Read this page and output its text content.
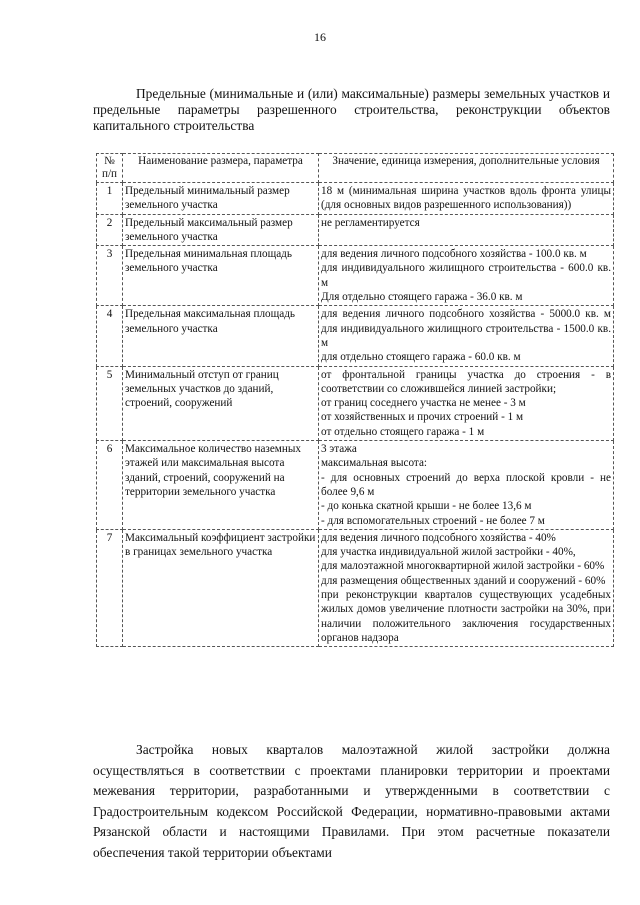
16
Предельные (минимальные и (или) максимальные) размеры земельных участков и предельные параметры разрешенного строительства, реконструкции объектов капитального строительства
№ п/п	Наименование размера, параметра	Значение, единица измерения, дополнительные условия
1	Предельный минимальный размер земельного участка	18 м (минимальная ширина участков вдоль фронта улицы (для основных видов разрешенного использования))

2	Предельный максимальный размер земельного участка	не регламентируется

3	Предельная минимальная площадь земельного участка	для ведения личного подсобного хозяйства - 100.0 кв. м
для индивидуального жилищного строительства - 600.0 кв. м
Для отдельно стоящего гаража - 36.0 кв. м

4	Предельная максимальная площадь земельного участка	для ведения личного подсобного хозяйства - 5000.0 кв. м для индивидуального жилищного строительства - 1500.0 кв. м
для отдельно стоящего гаража - 60.0 кв. м

5	Минимальный отступ от границ земельных участков до зданий, строений, сооружений	от фронтальной границы участка до строения - в соответствии со сложившейся линией застройки;
от границ соседнего участка не менее - 3 м
от хозяйственных и прочих строений - 1 м
от отдельно стоящего гаража - 1 м

6	Максимальное количество наземных этажей или максимальная высота зданий, строений, сооружений на территории земельного участка	3 этажа
максимальная высота:
- для основных строений до верха плоской кровли - не более 9,6 м
- до конька скатной крыши - не более 13,6 м
- для вспомогательных строений - не более 7 м

7	Максимальный коэффициент застройки в границах земельного участка	для ведения личного подсобного хозяйства - 40%
для участка индивидуальной жилой застройки - 40%,
для малоэтажной многоквартирной жилой застройки - 60%
для размещения общественных зданий и сооружений - 60%
при реконструкции кварталов существующих усадебных жилых домов увеличение плотности застройки на 30%, при наличии положительного заключения государственных органов надзора
Застройка новых кварталов малоэтажной жилой застройки должна осуществляться в соответствии с проектами планировки территории и проектами межевания территории, разработанными и утвержденными в соответствии с Градостроительным кодексом Российской Федерации, нормативно-правовыми актами Рязанской области и настоящими Правилами. При этом расчетные показатели обеспечения такой территории объектами
